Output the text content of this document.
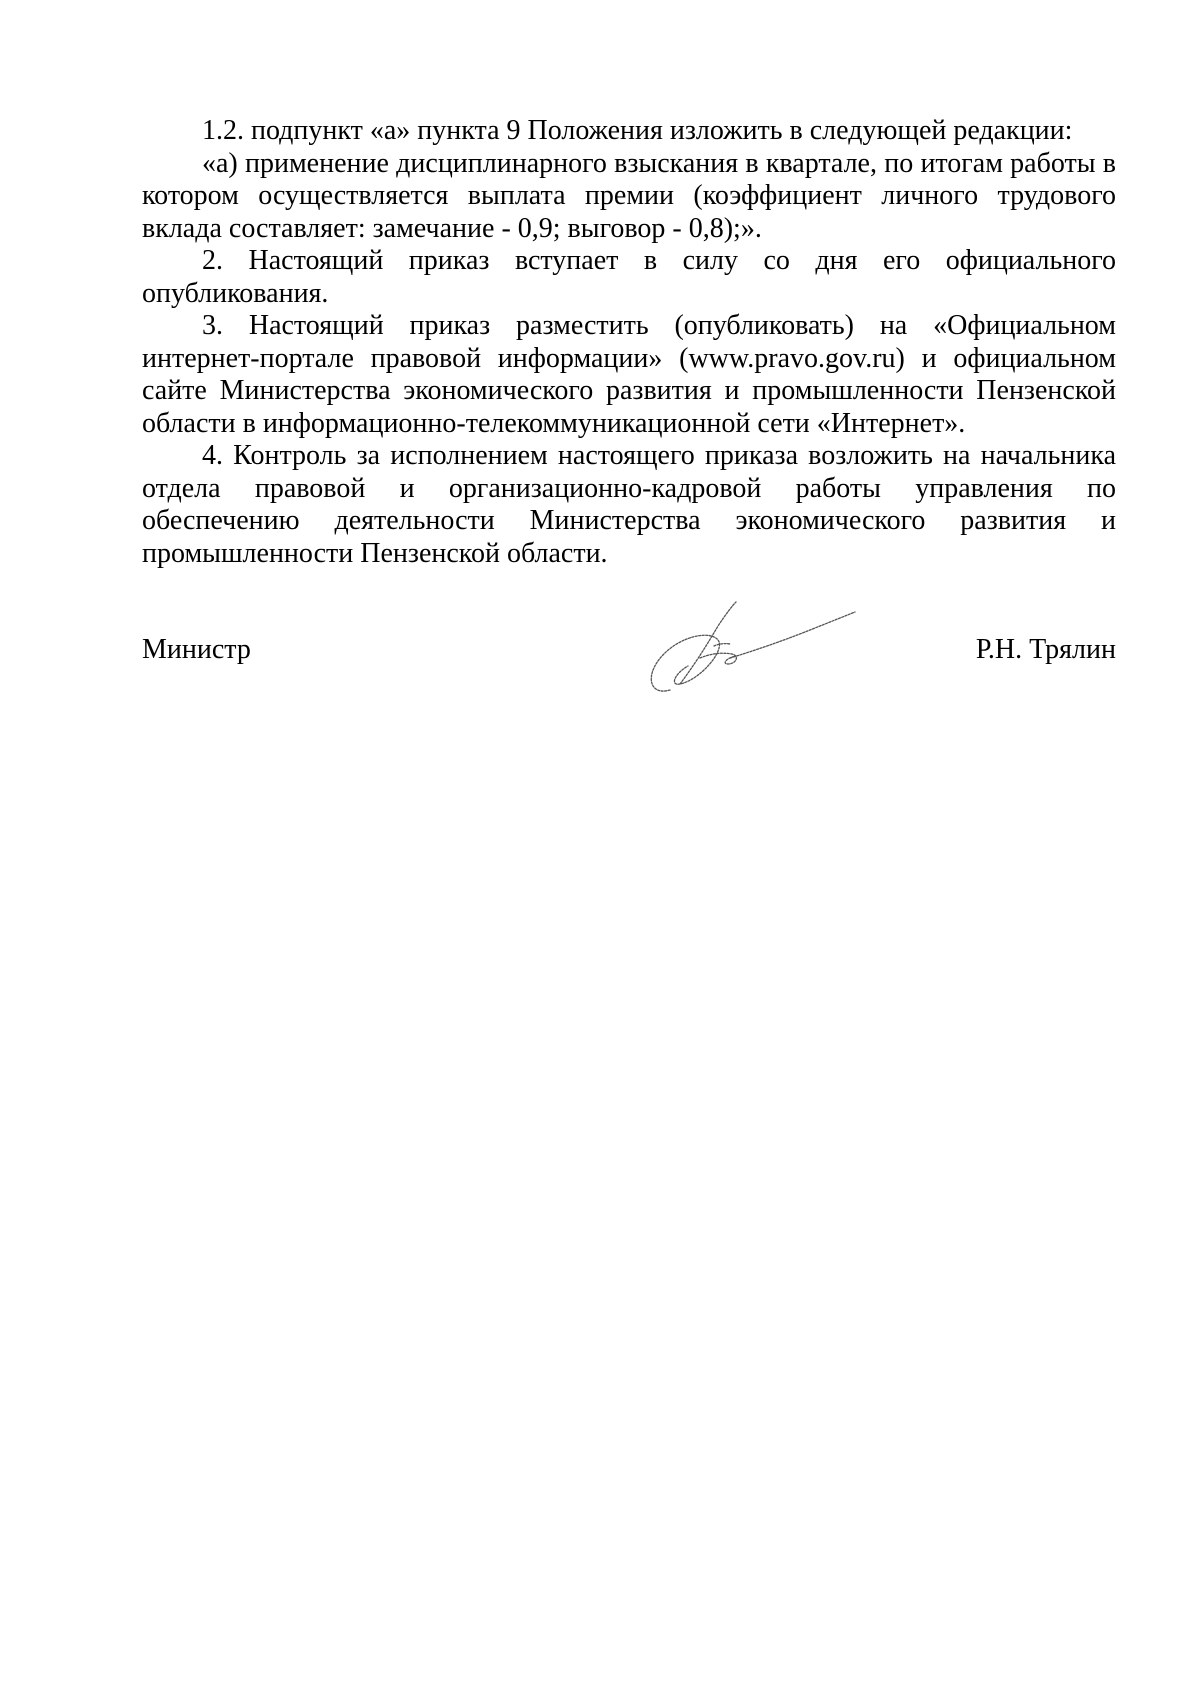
1.2. подпункт «а» пункта 9 Положения изложить в следующей редакции:

«а) применение дисциплинарного взыскания в квартале, по итогам работы в котором осуществляется выплата премии (коэффициент личного трудового вклада составляет: замечание - 0,9; выговор - 0,8);».

2. Настоящий приказ вступает в силу со дня его официального опубликования.

3. Настоящий приказ разместить (опубликовать) на «Официальном интернет-портале правовой информации» (www.pravo.gov.ru) и официальном сайте Министерства экономического развития и промышленности Пензенской области в информационно-телекоммуникационной сети «Интернет».

4. Контроль за исполнением настоящего приказа возложить на начальника отдела правовой и организационно-кадровой работы управления по обеспечению деятельности Министерства экономического развития и промышленности Пензенской области.

Министр	Р.Н. Трялин
